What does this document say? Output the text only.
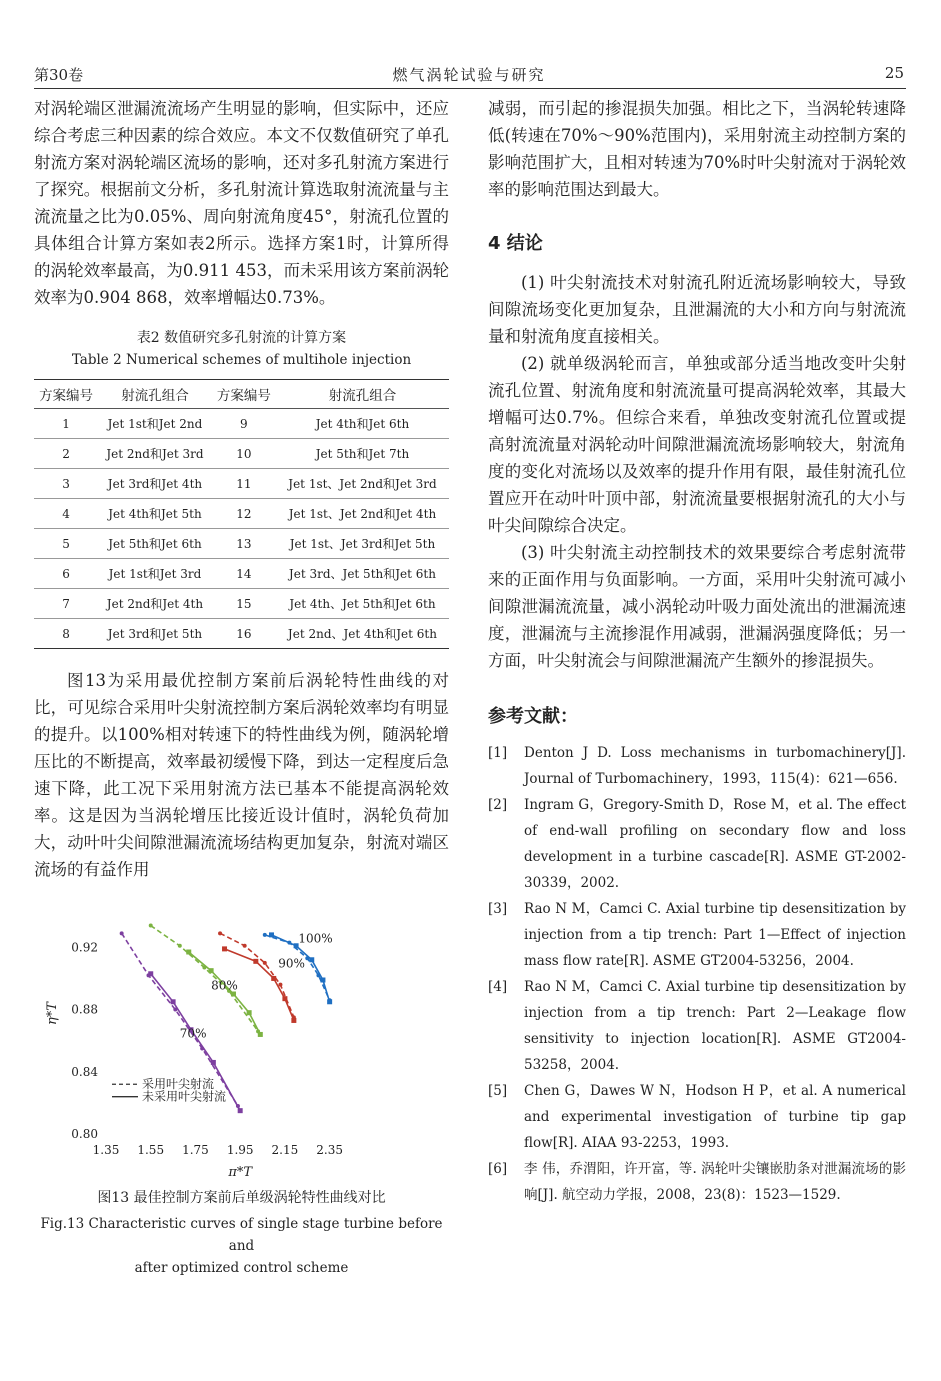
第30卷	燃气涡轮试验与研究	25

对涡轮端区泄漏流流场产生明显的影响，但实际中，还应综合考虑三种因素的综合效应。本文不仅数值研究了单孔射流方案对涡轮端区流场的影响，还对多孔射流方案进行了探究。根据前文分析，多孔射流计算选取射流流量与主流流量之比为0.05%、周向射流角度45°，射流孔位置的具体组合计算方案如表2所示。选择方案1时，计算所得的涡轮效率最高，为0.911 453，而未采用该方案前涡轮效率为0.904 868，效率增幅达0.73%。

表2 数值研究多孔射流的计算方案

Table 2 Numerical schemes of multihole injection

方案编号	射流孔组合	方案编号	射流孔组合
1	Jet 1st和Jet 2nd	9	Jet 4th和Jet 6th
2	Jet 2nd和Jet 3rd	10	Jet 5th和Jet 7th
3	Jet 3rd和Jet 4th	11	Jet 1st、Jet 2nd和Jet 3rd
4	Jet 4th和Jet 5th	12	Jet 1st、Jet 2nd和Jet 4th
5	Jet 5th和Jet 6th	13	Jet 1st、Jet 3rd和Jet 5th
6	Jet 1st和Jet 3rd	14	Jet 3rd、Jet 5th和Jet 6th
7	Jet 2nd和Jet 4th	15	Jet 4th、Jet 5th和Jet 6th
8	Jet 3rd和Jet 5th	16	Jet 2nd、Jet 4th和Jet 6th

图13为采用最优控制方案前后涡轮特性曲线的对比，可见综合采用叶尖射流控制方案后涡轮效率均有明显的提升。以100%相对转速下的特性曲线为例，随涡轮增压比的不断提高，效率最初缓慢下降，到达一定程度后急速下降，此工况下采用射流方法已基本不能提高涡轮效率。这是因为当涡轮增压比接近设计值时，涡轮负荷加大，动叶叶尖间隙泄漏流流场结构更加复杂，射流对端区流场的有益作用

1.35 1.55 1.75 1.95 2.15 2.35
0.80
0.84
0.88
0.92
π*T
η*T
100%
90%
80%
70%
采用叶尖射流
未采用叶尖射流

图13 最佳控制方案前后单级涡轮特性曲线对比

Fig.13 Characteristic curves of single stage turbine before and

after optimized control scheme

减弱，而引起的掺混损失加强。相比之下，当涡轮转速降低(转速在70%～90%范围内)，采用射流主动控制方案的影响范围扩大，且相对转速为70%时叶尖射流对于涡轮效率的影响范围达到最大。

4 结论

(1) 叶尖射流技术对射流孔附近流场影响较大，导致间隙流场变化更加复杂，且泄漏流的大小和方向与射流流量和射流角度直接相关。

(2) 就单级涡轮而言，单独或部分适当地改变叶尖射流孔位置、射流角度和射流流量可提高涡轮效率，其最大增幅可达0.7%。但综合来看，单独改变射流孔位置或提高射流流量对涡轮动叶间隙泄漏流流场影响较大，射流角度的变化对流场以及效率的提升作用有限，最佳射流孔位置应开在动叶叶顶中部，射流流量要根据射流孔的大小与叶尖间隙综合决定。

(3) 叶尖射流主动控制技术的效果要综合考虑射流带来的正面作用与负面影响。一方面，采用叶尖射流可减小间隙泄漏流流量，减小涡轮动叶吸力面处流出的泄漏流速度，泄漏流与主流掺混作用减弱，泄漏涡强度降低；另一方面，叶尖射流会与间隙泄漏流产生额外的掺混损失。

参考文献：

[1] Denton J D. Loss mechanisms in turbomachinery[J]. Journal of Turbomachinery，1993，115(4)：621—656.
[2] Ingram G，Gregory-Smith D，Rose M，et al. The effect of end-wall profiling on secondary flow and loss development in a turbine cascade[R]. ASME GT-2002-30339，2002.
[3] Rao N M，Camci C. Axial turbine tip desensitization by injection from a tip trench: Part 1—Effect of injection mass flow rate[R]. ASME GT2004-53256，2004.
[4] Rao N M，Camci C. Axial turbine tip desensitization by injection from a tip trench: Part 2—Leakage flow sensitivity to injection location[R]. ASME GT2004-53258，2004.
[5] Chen G，Dawes W N，Hodson H P，et al. A numerical and experimental investigation of turbine tip gap flow[R]. AIAA 93-2253，1993.
[6] 李 伟，乔渭阳，许开富，等. 涡轮叶尖镶嵌肋条对泄漏流场的影响[J]. 航空动力学报，2008，23(8)：1523—1529.
